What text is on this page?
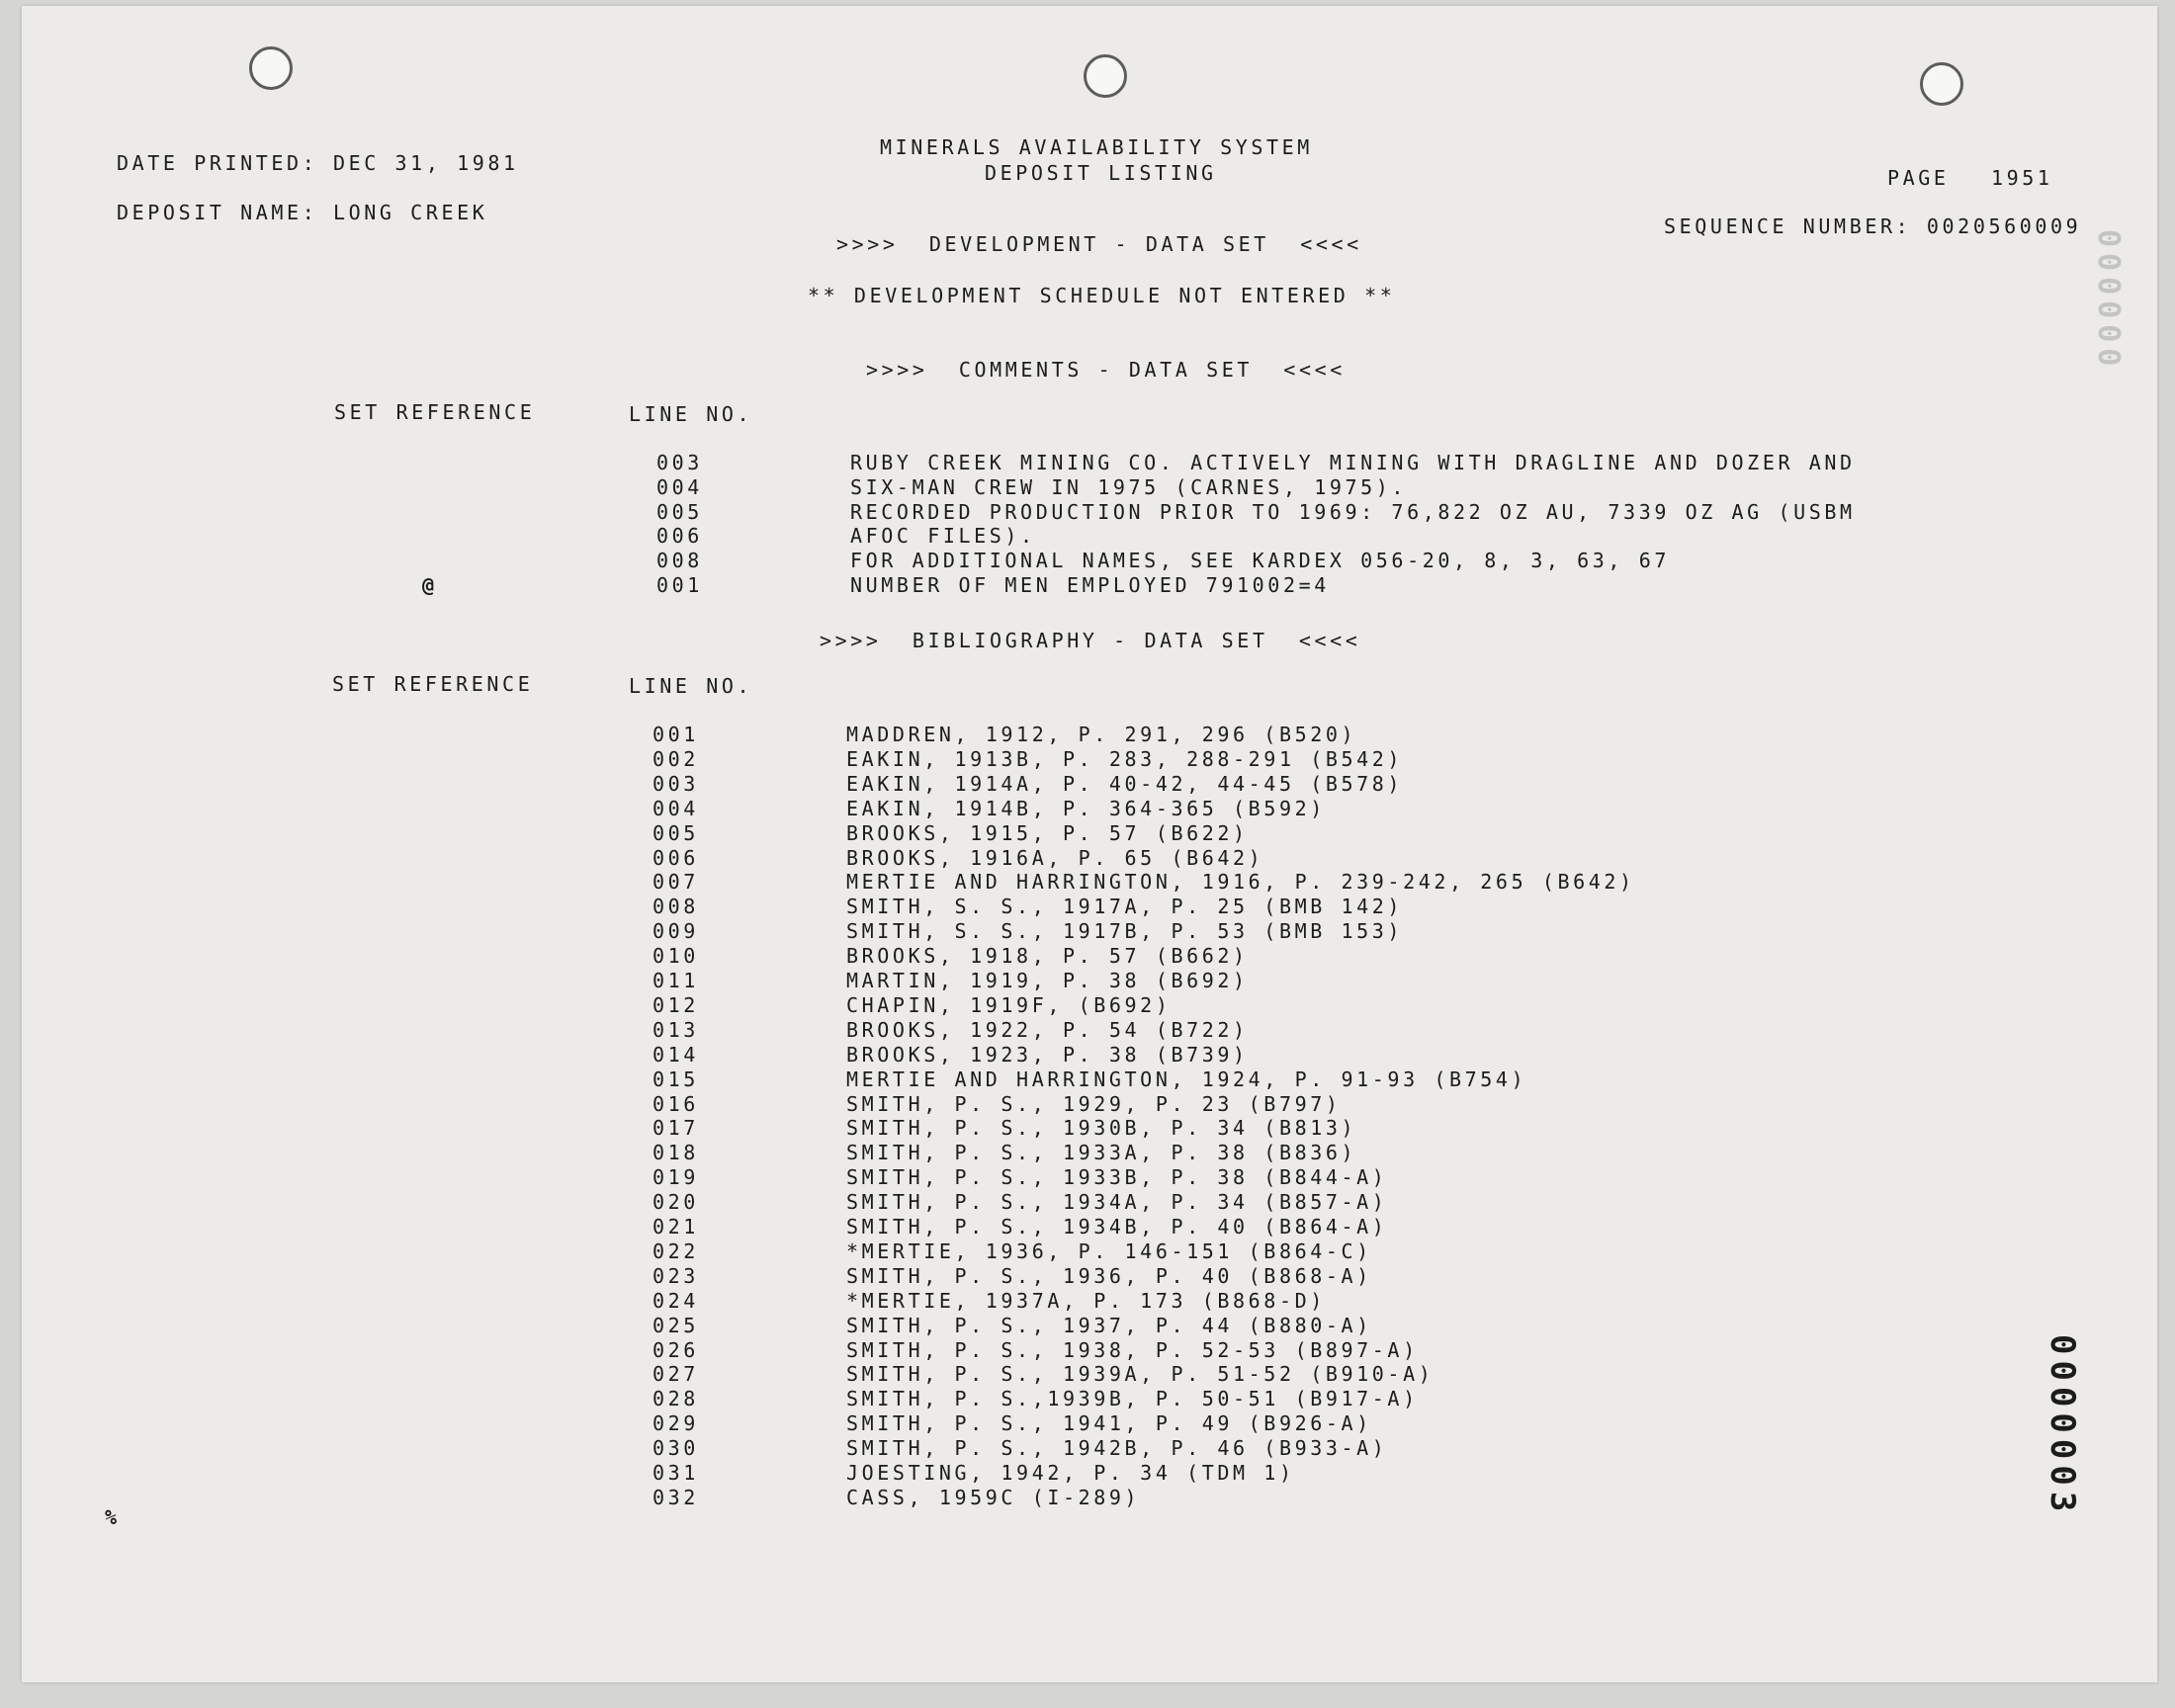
DATE PRINTED: DEC 31, 1981
DEPOSIT NAME: LONG CREEK
MINERALS AVAILABILITY SYSTEM
DEPOSIT LISTING	PAGE 1951
SEQUENCE NUMBER: 0020560009
>>>>  DEVELOPMENT - DATA SET  <<<<
** DEVELOPMENT SCHEDULE NOT ENTERED **
>>>>  COMMENTS - DATA SET  <<<<
SET REFERENCE	LINE NO.
@
003	RUBY CREEK MINING CO. ACTIVELY MINING WITH DRAGLINE AND DOZER AND
004	SIX-MAN CREW IN 1975 (CARNES, 1975).
005	RECORDED PRODUCTION PRIOR TO 1969: 76,822 OZ AU, 7339 OZ AG (USBM
006	AFOC FILES).
008	FOR ADDITIONAL NAMES, SEE KARDEX 056-20, 8, 3, 63, 67
001	NUMBER OF MEN EMPLOYED 791002=4
>>>>  BIBLIOGRAPHY - DATA SET  <<<<
SET REFERENCE	LINE NO.
001	MADDREN, 1912, P. 291, 296 (B520)
002	EAKIN, 1913B, P. 283, 288-291 (B542)
003	EAKIN, 1914A, P. 40-42, 44-45 (B578)
004	EAKIN, 1914B, P. 364-365 (B592)
005	BROOKS, 1915, P. 57 (B622)
006	BROOKS, 1916A, P. 65 (B642)
007	MERTIE AND HARRINGTON, 1916, P. 239-242, 265 (B642)
008	SMITH, S. S., 1917A, P. 25 (BMB 142)
009	SMITH, S. S., 1917B, P. 53 (BMB 153)
010	BROOKS, 1918, P. 57 (B662)
011	MARTIN, 1919, P. 38 (B692)
012	CHAPIN, 1919F, (B692)
013	BROOKS, 1922, P. 54 (B722)
014	BROOKS, 1923, P. 38 (B739)
015	MERTIE AND HARRINGTON, 1924, P. 91-93 (B754)
016	SMITH, P. S., 1929, P. 23 (B797)
017	SMITH, P. S., 1930B, P. 34 (B813)
018	SMITH, P. S., 1933A, P. 38 (B836)
019	SMITH, P. S., 1933B, P. 38 (B844-A)
020	SMITH, P. S., 1934A, P. 34 (B857-A)
021	SMITH, P. S., 1934B, P. 40 (B864-A)
022	*MERTIE, 1936, P. 146-151 (B864-C)
023	SMITH, P. S., 1936, P. 40 (B868-A)
024	*MERTIE, 1937A, P. 173 (B868-D)
025	SMITH, P. S., 1937, P. 44 (B880-A)
026	SMITH, P. S., 1938, P. 52-53 (B897-A)
027	SMITH, P. S., 1939A, P. 51-52 (B910-A)
028	SMITH, P. S.,1939B, P. 50-51 (B917-A)
029	SMITH, P. S., 1941, P. 49 (B926-A)
030	SMITH, P. S., 1942B, P. 46 (B933-A)
031	JOESTING, 1942, P. 34 (TDM 1)
032	CASS, 1959C (I-289)
%	0000003
000000
